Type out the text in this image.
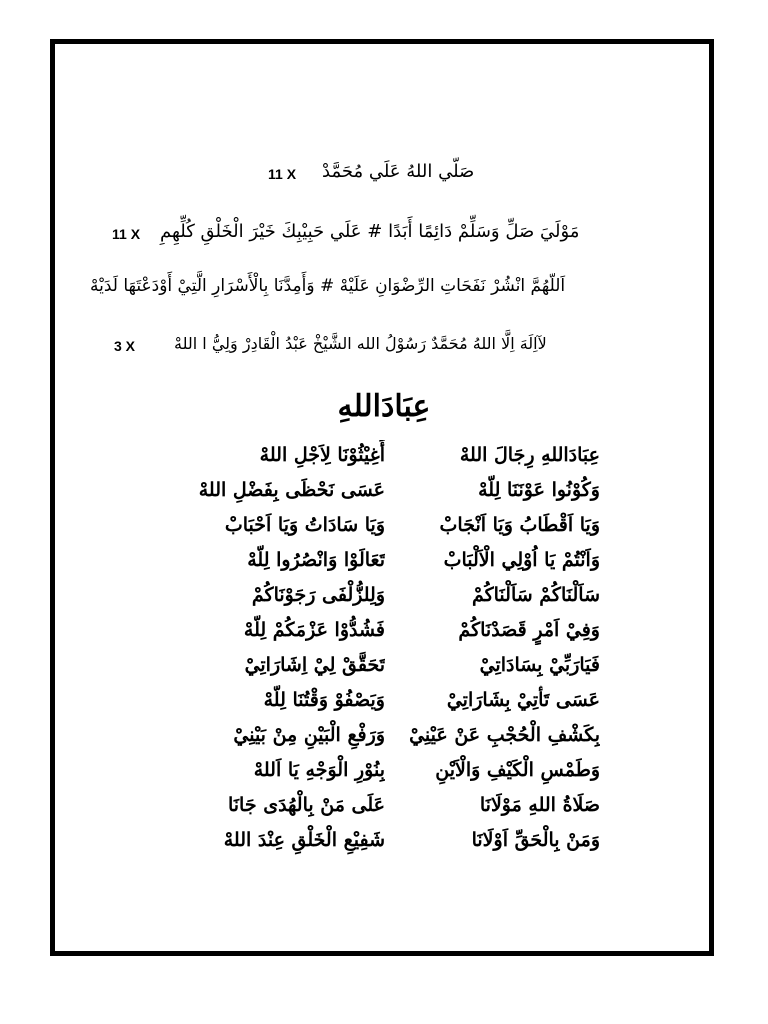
صَلّي اللهُ عَلَي مُحَمَّدْ
11 X
مَوْلَيَ صَلِّ وَسَلِّمْ دَائِمًا أَبَدًا # عَلَي حَبِيْبِكَ خَيْرَ الْخَلْقِ كُلِّهِمِ
11 X
اَللّهُمَّ انْشُرْ نَفَحَاتِ الرِّضْوَانِ عَلَيْهْ # وَأَمِدَّنَا بِالْأَسْرَارِ الَّتِيْ أَوْدَعْتَهَا لَدَيْهْ
لآاِلَهَ اِلَّا اللهُ مُحَمَّدٌ رَسُوْلُ الله الشَّيْخْ عَبْدُ الْقَادِرْ وَلِيُّ ا اللهْ
3 X
عِبَادَاللهِ
عِبَادَاللهِ رِجَالَ اللهْ
أَغِيْثُوْنَا لِاَجْلِ اللهْ
وَكُوْنُوا عَوْنَنَا لِلّهْ
عَسَى نَحْظَى بِفَضْلِ اللهْ
وَيَا اَقْطَابُ وَيَا اَنْجَابْ
وَيَا سَادَاتُ وَيَا اَحْبَابْ
وَاَنْتُمْ يَا اُوْلِي الْاَلْبَابْ
تَعَالَوْا وَانْصُرُوا لِلّهْ
سَاَلْنَاكُمْ سَاَلْنَاكُمْ
وَلِلزُّلْفَى رَجَوْنَاكُمْ
وَفِيْ اَمْرٍ قَصَدْنَاكُمْ
فَشُدُّوْا عَزْمَكُمْ لِلّهْ
فَيَارَبِّيْ بِسَادَاتِيْ
تَحَقَّقْ لِيْ اِشَارَاتِيْ
عَسَى تَأْتِيْ بِشَارَاتِيْ
وَيَصْفُوْ وَقْتُنَا لِلّهْ
بِكَشْفِ الْحُجْبِ عَنْ عَيْنِيْ
وَرَفْعِ الْبَيْنِ مِنْ بَيْنِيْ
وَطَمْسِ الْكَيْفِ وَالْاَيْنِ
بِنُوْرِ الْوَجْهِ يَا اَللهْ
صَلَاةُ اللهِ مَوْلَانَا
عَلَى مَنْ بِالْهُدَى جَانَا
وَمَنْ بِالْحَقِّ اَوْلَانَا
شَفِيْعِ الْخَلْقِ عِنْدَ اللهْ
